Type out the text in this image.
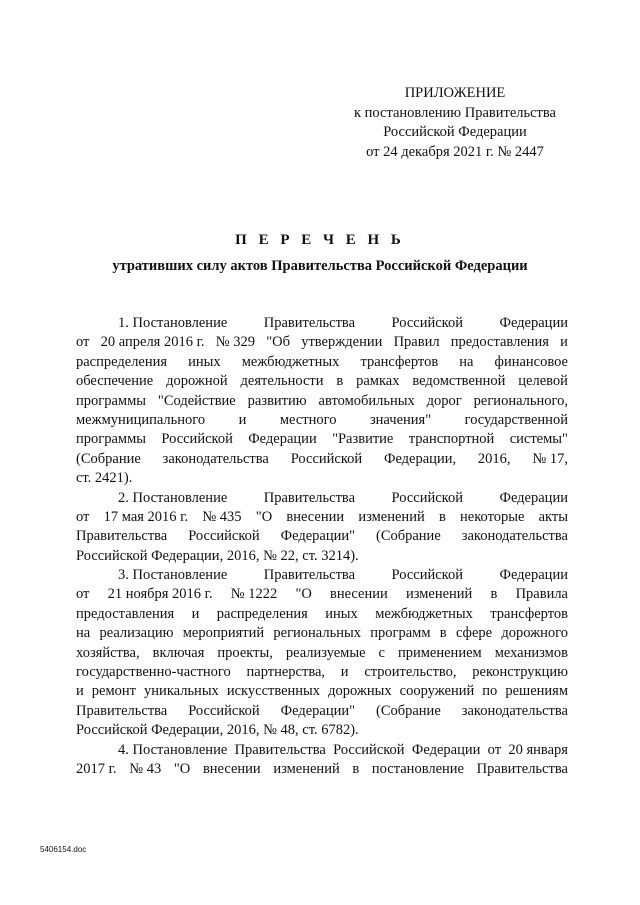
ПРИЛОЖЕНИЕ
к постановлению Правительства
Российской Федерации
от 24 декабря 2021 г. № 2447
П Е Р Е Ч Е Н Ь
утративших силу актов Правительства Российской Федерации
1. Постановление	Правительства	Российской	Федерации
от 20 апреля 2016 г. № 329 "Об утверждении Правил предоставления и
распределения иных межбюджетных трансфертов на финансовое
обеспечение дорожной деятельности в рамках ведомственной целевой
программы "Содействие развитию автомобильных дорог регионального,
межмуниципального и местного значения" государственной
программы Российской Федерации "Развитие транспортной системы"
(Собрание законодательства Российской Федерации, 2016, № 17,
ст. 2421).
2. Постановление	Правительства	Российской	Федерации
от 17 мая 2016 г. № 435 "О внесении изменений в некоторые акты
Правительства Российской Федерации" (Собрание законодательства
Российской Федерации, 2016, № 22, ст. 3214).
3. Постановление	Правительства	Российской	Федерации
от 21 ноября 2016 г. № 1222 "О внесении изменений в Правила
предоставления и распределения иных межбюджетных трансфертов
на реализацию мероприятий региональных программ в сфере дорожного
хозяйства, включая проекты, реализуемые с применением механизмов
государственно-частного партнерства, и строительство, реконструкцию
и ремонт уникальных искусственных дорожных сооружений по решениям
Правительства Российской Федерации" (Собрание законодательства
Российской Федерации, 2016, № 48, ст. 6782).
4. Постановление Правительства Российской Федерации от 20 января
2017 г. № 43 "О внесении изменений в постановление Правительства
5406154.doc
